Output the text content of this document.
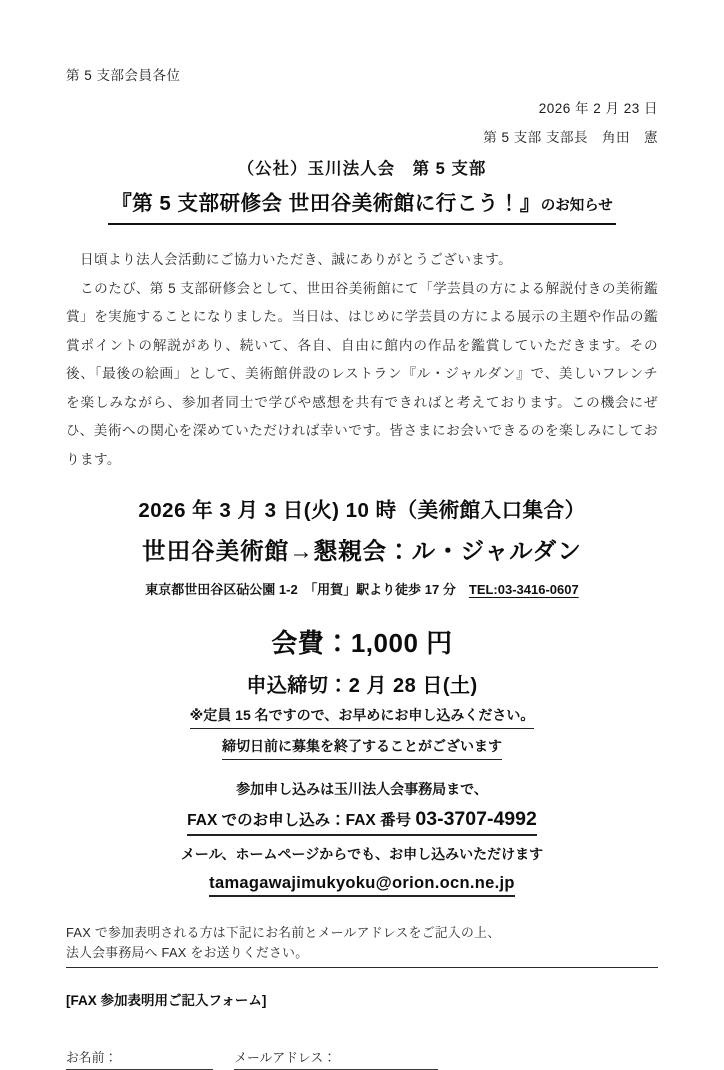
第 5 支部会員各位
2026 年 2 月 23 日
第 5 支部 支部長　角田　憲
（公社）玉川法人会　第 5 支部
『第 5 支部研修会 世田谷美術館に行こう！』のお知らせ

　日頃より法人会活動にご協力いただき、誠にありがとうございます。

　このたび、第 5 支部研修会として、世田谷美術館にて「学芸員の方による解説付きの美術鑑賞」を実施することになりました。当日は、はじめに学芸員の方による展示の主題や作品の鑑賞ポイントの解説があり、続いて、各自、自由に館内の作品を鑑賞していただきます。その後、「最後の絵画」として、美術館併設のレストラン『ル・ジャルダン』で、美しいフレンチを楽しみながら、参加者同士で学びや感想を共有できればと考えております。この機会にぜひ、美術への関心を深めていただければ幸いです。皆さまにお会いできるのを楽しみにしております。

2026 年 3 月 3 日(火) 10 時（美術館入口集合）
世田谷美術館→懇親会：ル・ジャルダン
東京都世田谷区砧公園 1-2　「用賀」駅より徒歩 17 分　TEL:03-3416-0607
会費：1,000 円
申込締切：2 月 28 日(土)
※定員 15 名ですので、お早めにお申し込みください。
締切日前に募集を終了することがございます
参加申し込みは玉川法人会事務局まで、
FAX でのお申し込み：FAX 番号 03-3707-4992
メール、ホームページからでも、お申し込みいただけます
tamagawajimukyoku@orion.ocn.ne.jp

FAX で参加表明される方は下記にお名前とメールアドレスをご記入の上、

法人会事務局へ FAX をお送りください。

[FAX 参加表明用ご記入フォーム]
お名前：	メールアドレス：
